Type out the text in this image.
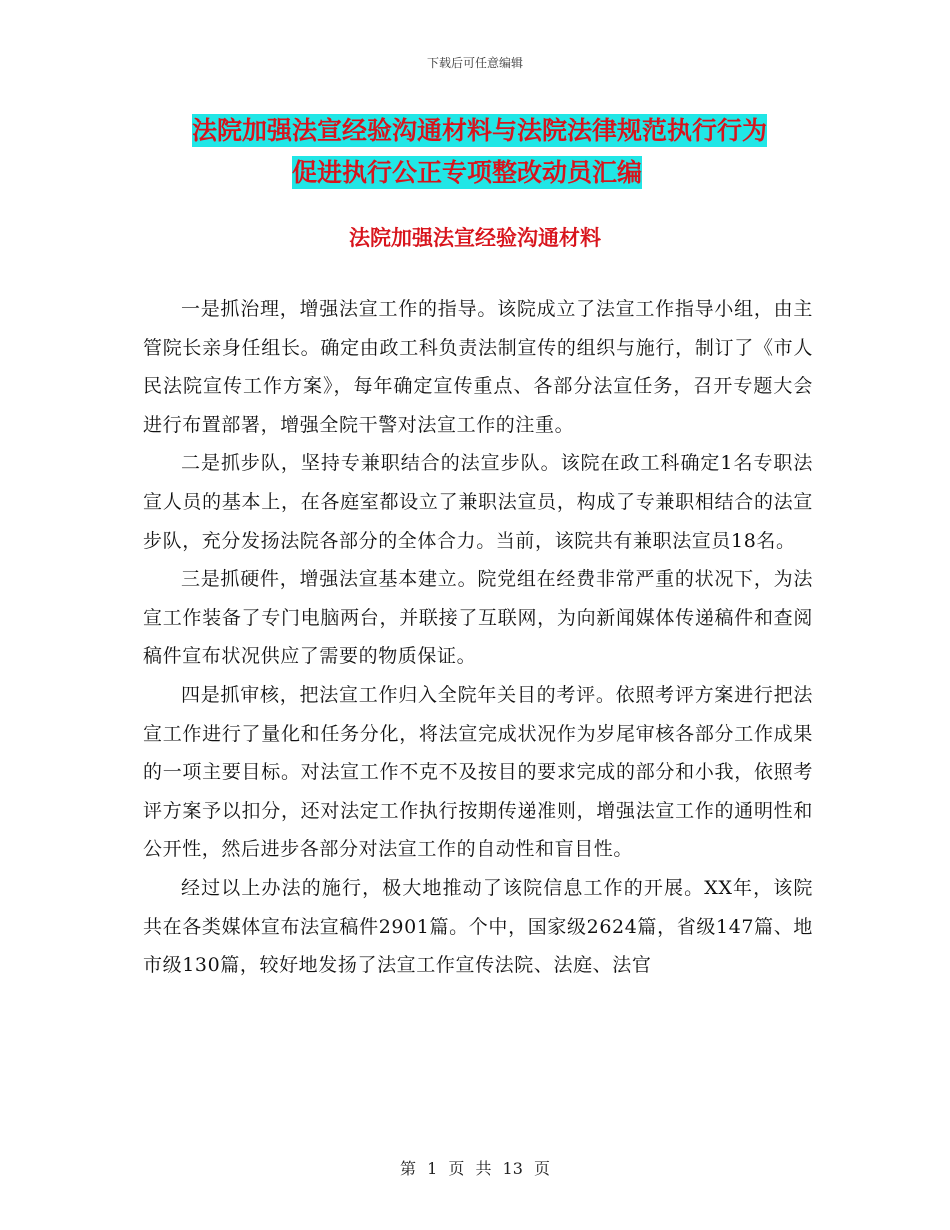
下载后可任意编辑
法院加强法宣经验沟通材料与法院法律规范执行行为
促进执行公正专项整改动员汇编
法院加强法宣经验沟通材料

一是抓治理，增强法宣工作的指导。该院成立了法宣工作指导小组，由主管院长亲身任组长。确定由政工科负责法制宣传的组织与施行，制订了《市人民法院宣传工作方案》，每年确定宣传重点、各部分法宣任务，召开专题大会进行布置部署，增强全院干警对法宣工作的注重。

二是抓步队，坚持专兼职结合的法宣步队。该院在政工科确定1名专职法宣人员的基本上，在各庭室都设立了兼职法宣员，构成了专兼职相结合的法宣步队，充分发扬法院各部分的全体合力。当前，该院共有兼职法宣员18名。

三是抓硬件，增强法宣基本建立。院党组在经费非常严重的状况下，为法宣工作装备了专门电脑两台，并联接了互联网，为向新闻媒体传递稿件和查阅稿件宣布状况供应了需要的物质保证。

四是抓审核，把法宣工作归入全院年关目的考评。依照考评方案进行把法宣工作进行了量化和任务分化，将法宣完成状况作为岁尾审核各部分工作成果的一项主要目标。对法宣工作不克不及按目的要求完成的部分和小我，依照考评方案予以扣分，还对法定工作执行按期传递准则，增强法宣工作的通明性和公开性，然后进步各部分对法宣工作的自动性和盲目性。

经过以上办法的施行，极大地推动了该院信息工作的开展。XX年，该院共在各类媒体宣布法宣稿件2901篇。个中，国家级2624篇，省级147篇、地市级130篇，较好地发扬了法宣工作宣传法院、法庭、法官

第 1 页 共 13 页
